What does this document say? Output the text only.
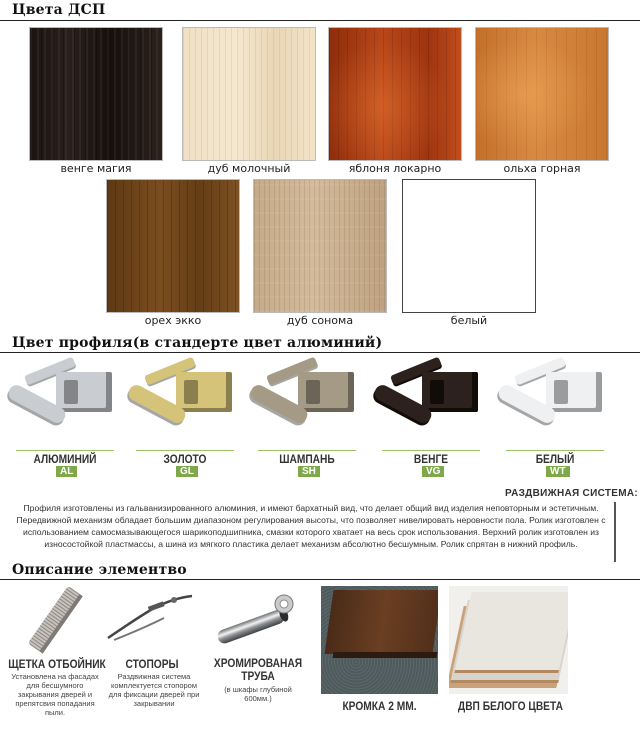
Цвета ДСП
венге магия	дуб молочный	яблоня локарно	ольха горная
орех экко	дуб сонома	белый
Цвет профиля(в стандерте цвет алюминий)
АЛЮМИНИЙ
AL
ЗОЛОТО
GL
ШАМПАНЬ
SH
ВЕНГЕ
VG
БЕЛЫЙ
WT
РАЗДВИЖНАЯ СИСТЕМА:
Профиля изготовлены из гальванизированного алюминия, и имеют бархатный вид, что делает общий вид изделия неповторным и эстетичным. Передвижной механизм обладает большим диапазоном регулирования высоты, что позволяет нивелировать неровности пола. Ролик изготовлен с использованием самосмазывающегося шарикоподшипника, смазки которого хватает на весь срок использования. Верхний ролик изготовлен из износостойкой пластмассы, а шина из мягкого пластика делает механизм абсолютно бесшумным. Ролик спрятан в нижний профиль.
Описание элементво
ЩЕТКА ОТБОЙНИК
Установлена на фасадах для бесшумного закрывания дверей и препятсвия попадания пыли.
СТОПОРЫ
Раздвижная система комплектуется стопором для фиксации дверей при закрывании
ХРОМИРОВАНАЯ ТРУБА
(в шкафы глубиной 600мм.)
КРОМКА 2 ММ.	ДВП БЕЛОГО ЦВЕТА
